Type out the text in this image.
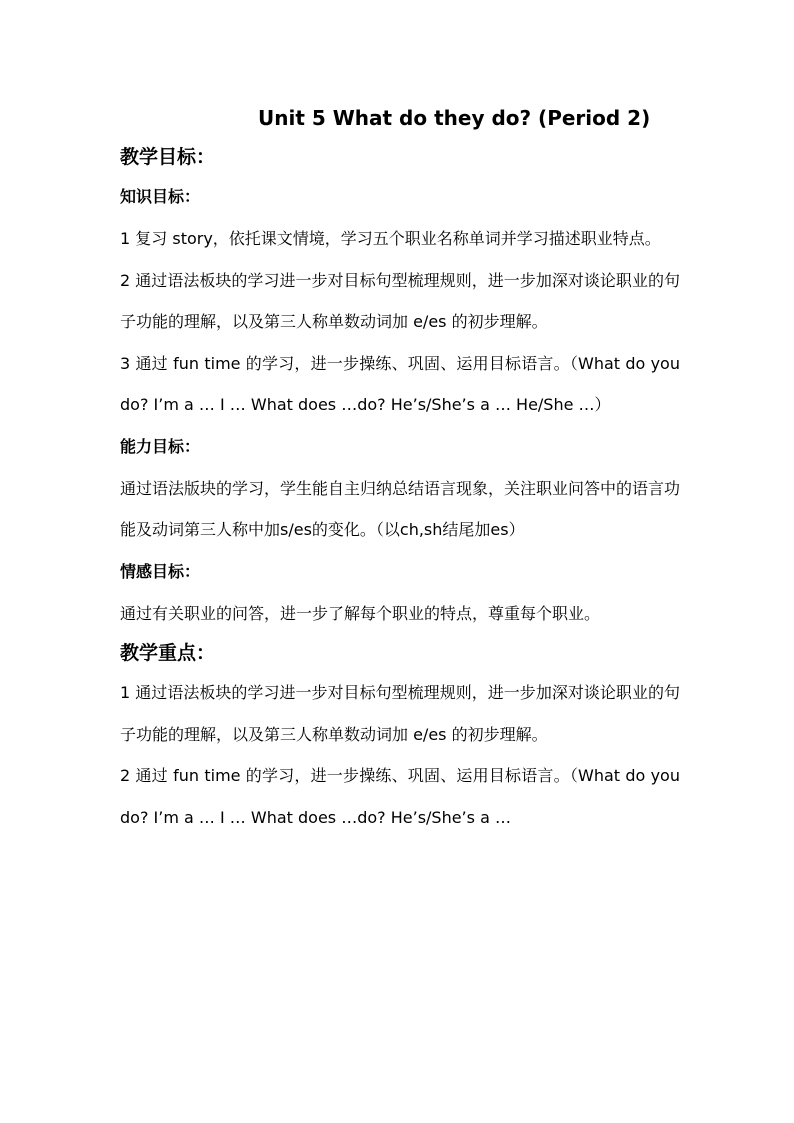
Unit 5 What do they do? (Period 2)
教学目标：
知识目标：

1 复习 story，依托课文情境，学习五个职业名称单词并学习描述职业特点。

2 通过语法板块的学习进一步对目标句型梳理规则，进一步加深对谈论职业的句子功能的理解，以及第三人称单数动词加 e/es 的初步理解。

3 通过 fun time 的学习，进一步操练、巩固、运用目标语言。（What do you do? I’m a … I … What does …do? He’s/She’s a … He/She …）

能力目标：

通过语法版块的学习，学生能自主归纳总结语言现象，关注职业问答中的语言功能及动词第三人称中加s/es的变化。（以ch,sh结尾加es）

情感目标：

通过有关职业的问答，进一步了解每个职业的特点，尊重每个职业。

教学重点：

1 通过语法板块的学习进一步对目标句型梳理规则，进一步加深对谈论职业的句子功能的理解，以及第三人称单数动词加 e/es 的初步理解。

2 通过 fun time 的学习，进一步操练、巩固、运用目标语言。（What do you do? I’m a … I … What does …do? He’s/She’s a …
